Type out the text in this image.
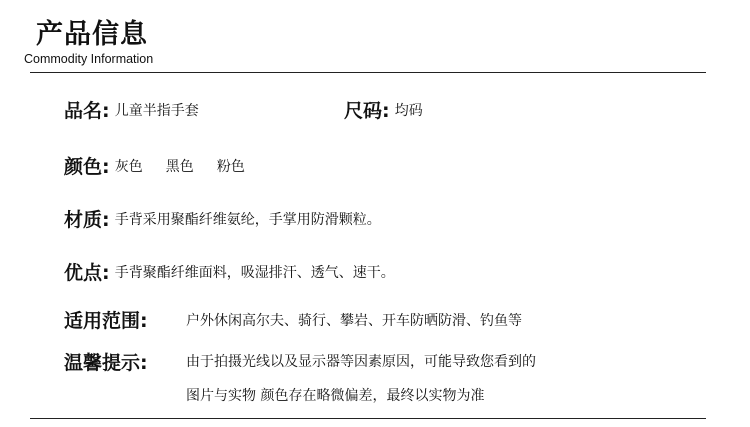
产品信息
Commodity Information
品名: 儿童半指手套	尺码: 均码
颜色: 灰色 黑色 粉色
材质: 手背采用聚酯纤维氨纶，手掌用防滑颗粒。
优点: 手背聚酯纤维面料，吸湿排汗、透气、速干。
适用范围:	户外休闲高尔夫、骑行、攀岩、开车防晒防滑、钓鱼等
温馨提示:	由于拍摄光线以及显示器等因素原因，可能导致您看到的
图片与实物 颜色存在略微偏差，最终以实物为准
